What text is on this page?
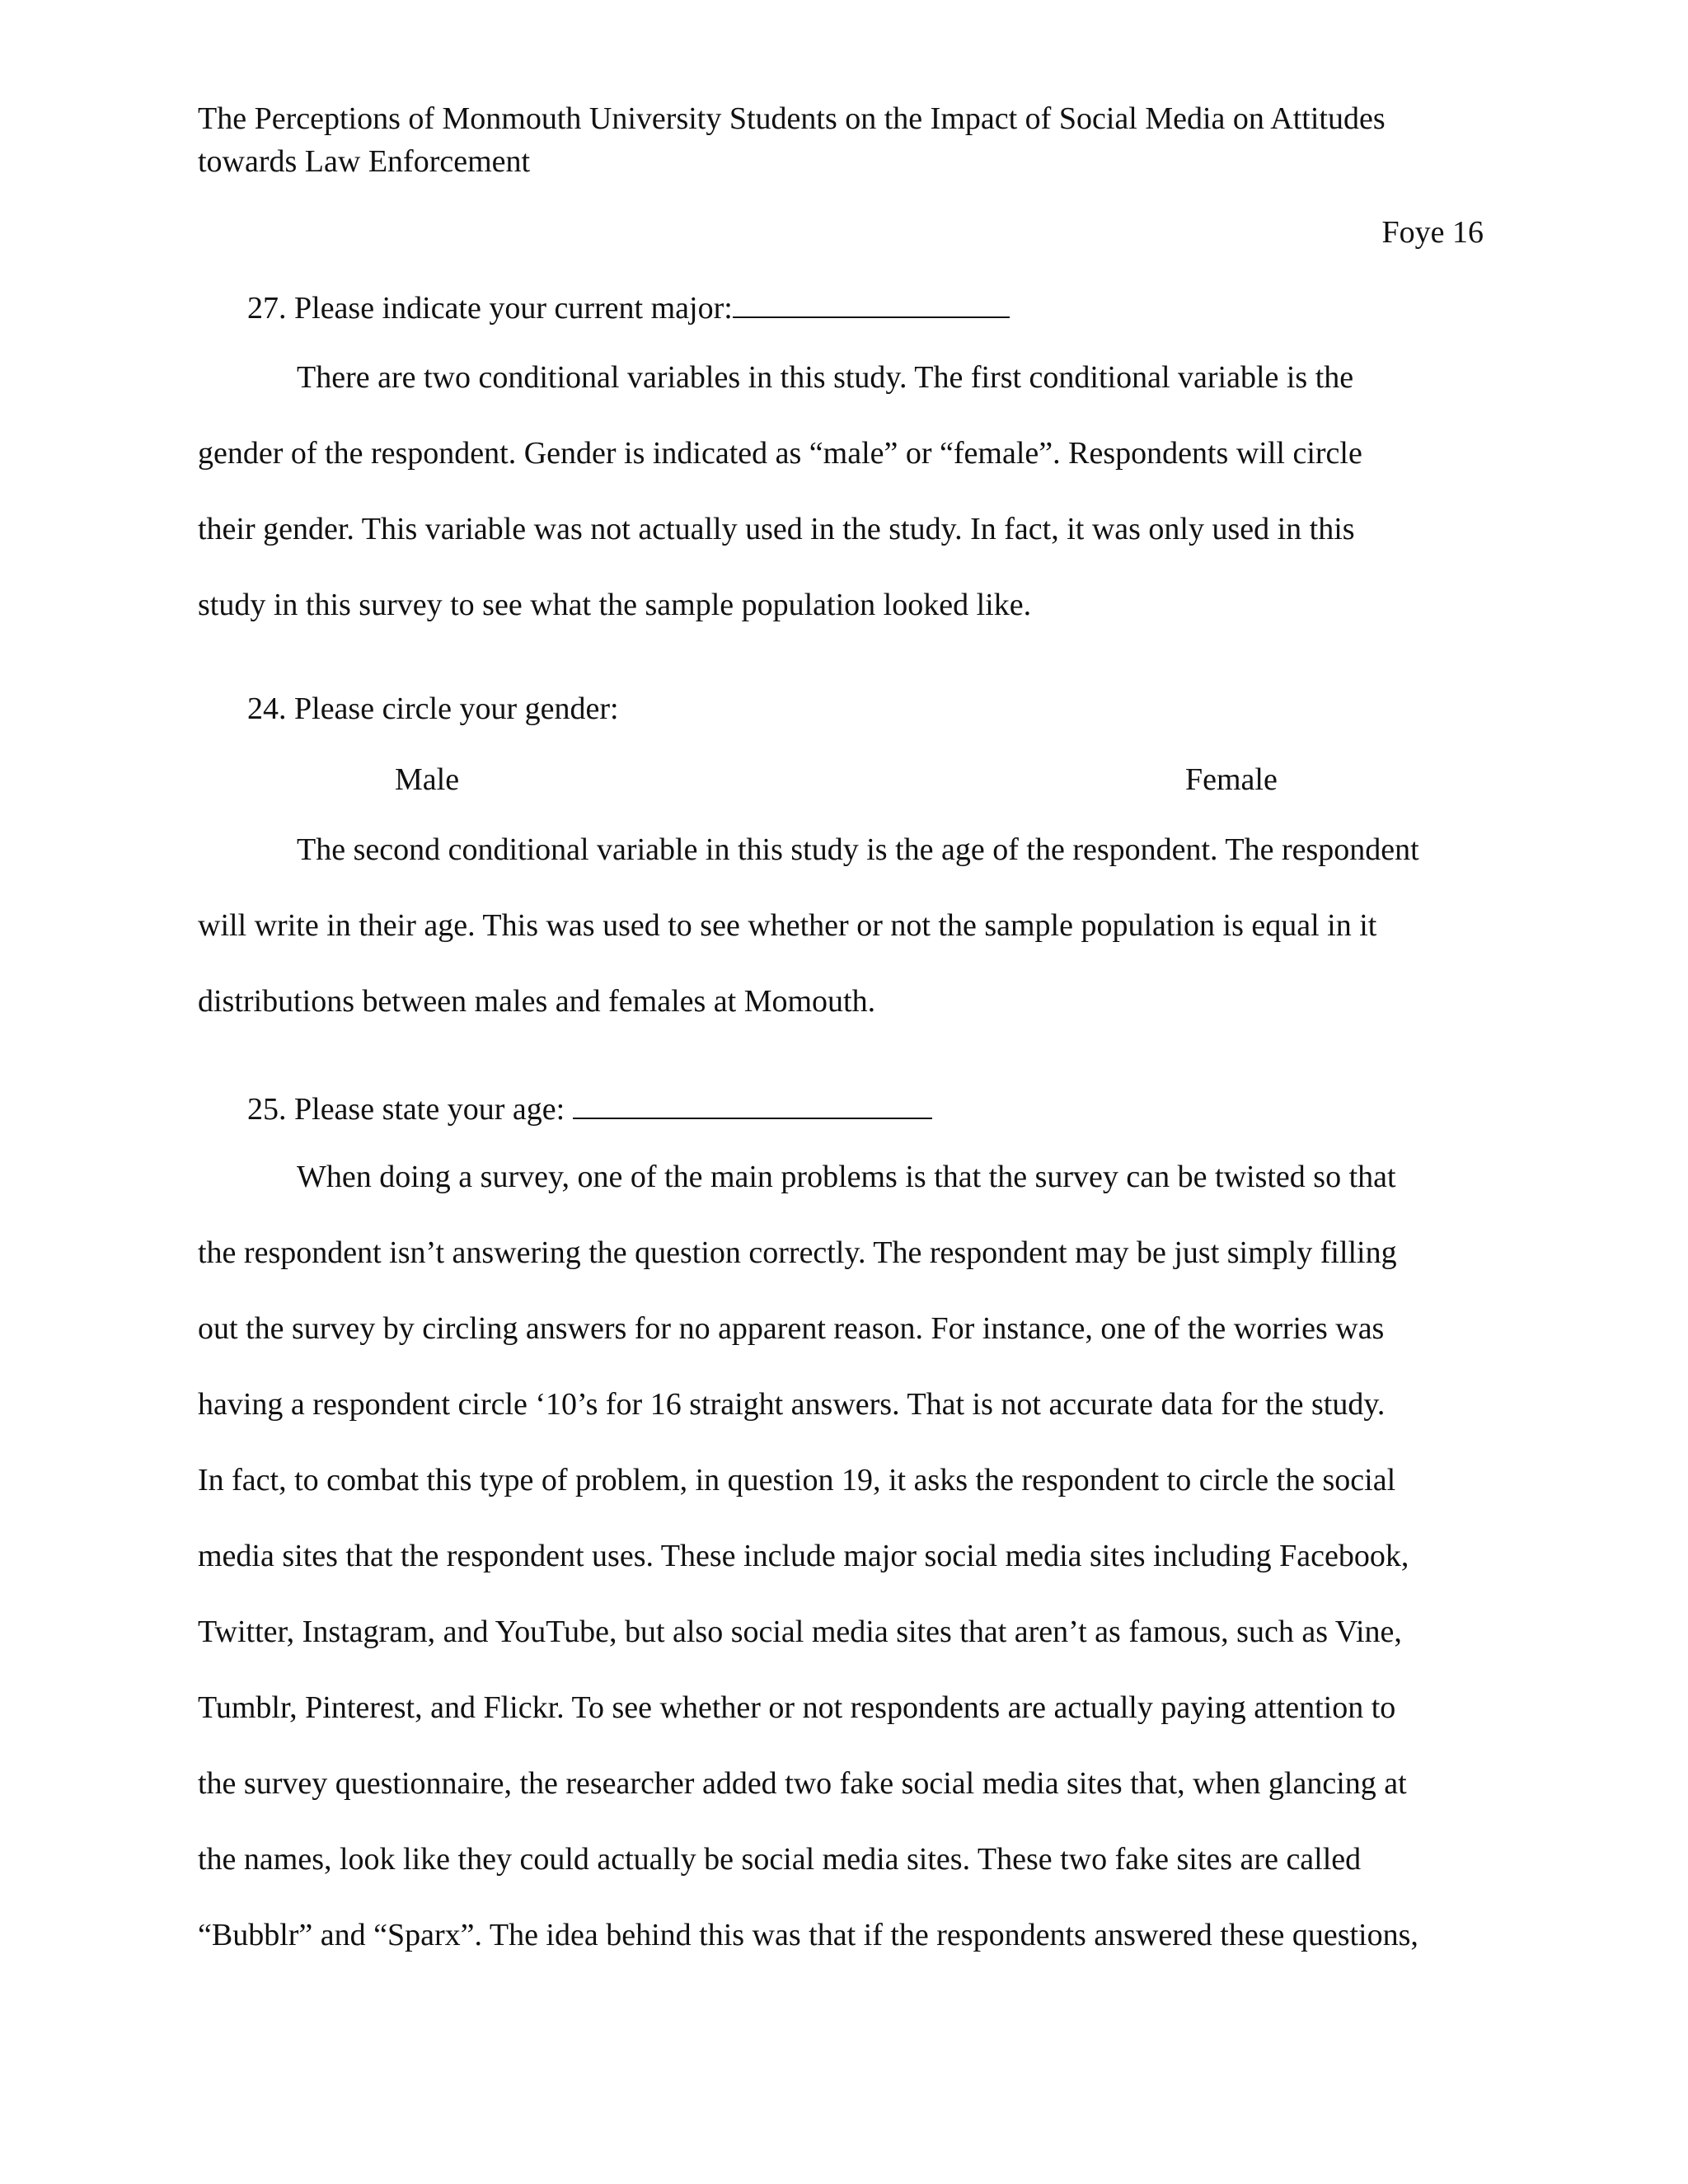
The Perceptions of Monmouth University Students on the Impact of Social Media on Attitudes
towards Law Enforcement

Foye 16

27. Please indicate your current major:

There are two conditional variables in this study. The first conditional variable is the
gender of the respondent. Gender is indicated as “male” or “female”. Respondents will circle
their gender. This variable was not actually used in the study. In fact, it was only used in this
study in this survey to see what the sample population looked like.

24. Please circle your gender:

Male	Female

The second conditional variable in this study is the age of the respondent. The respondent
will write in their age. This was used to see whether or not the sample population is equal in it
distributions between males and females at Momouth.

25. Please state your age:

When doing a survey, one of the main problems is that the survey can be twisted so that
the respondent isn’t answering the question correctly. The respondent may be just simply filling
out the survey by circling answers for no apparent reason. For instance, one of the worries was
having a respondent circle ‘10’s for 16 straight answers. That is not accurate data for the study.
In fact, to combat this type of problem, in question 19, it asks the respondent to circle the social
media sites that the respondent uses. These include major social media sites including Facebook,
Twitter, Instagram, and YouTube, but also social media sites that aren’t as famous, such as Vine,
Tumblr, Pinterest, and Flickr. To see whether or not respondents are actually paying attention to
the survey questionnaire, the researcher added two fake social media sites that, when glancing at
the names, look like they could actually be social media sites. These two fake sites are called
“Bubblr” and “Sparx”. The idea behind this was that if the respondents answered these questions,
